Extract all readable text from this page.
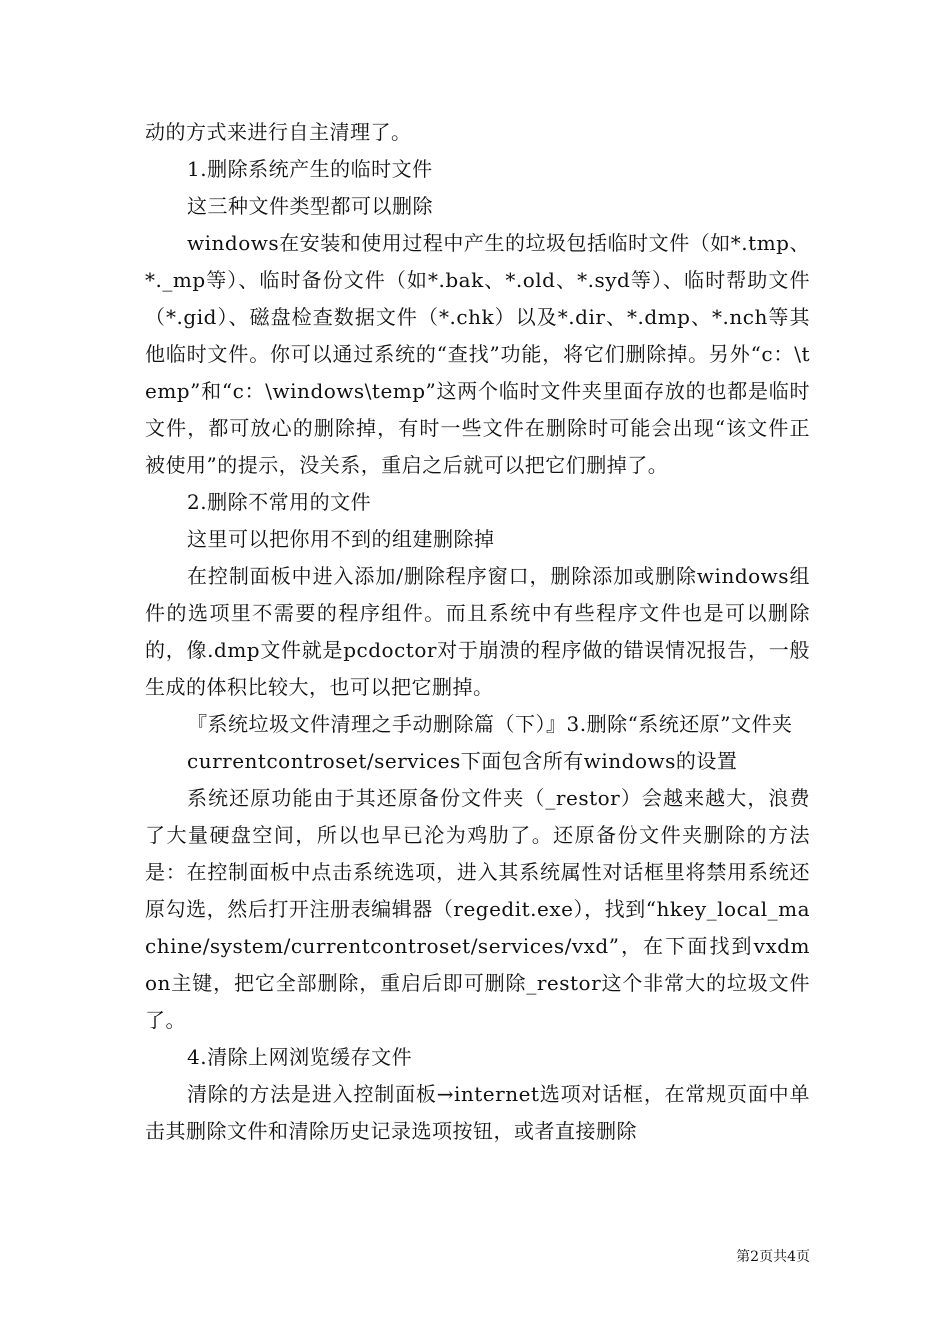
动的方式来进行自主清理了。

1.删除系统产生的临时文件

这三种文件类型都可以删除

windows在安装和使用过程中产生的垃圾包括临时文件（如*.tmp、*._mp等）、临时备份文件（如*.bak、*.old、*.syd等）、临时帮助文件（*.gid）、磁盘检查数据文件（*.chk）以及*.dir、*.dmp、*.nch等其他临时文件。你可以通过系统的“查找”功能，将它们删除掉。另外“c：\temp”和“c：\windows\temp”这两个临时文件夹里面存放的也都是临时文件，都可放心的删除掉，有时一些文件在删除时可能会出现“该文件正被使用”的提示，没关系，重启之后就可以把它们删掉了。

2.删除不常用的文件

这里可以把你用不到的组建删除掉

在控制面板中进入添加/删除程序窗口，删除添加或删除windows组件的选项里不需要的程序组件。而且系统中有些程序文件也是可以删除的，像.dmp文件就是pcdoctor对于崩溃的程序做的错误情况报告，一般生成的体积比较大，也可以把它删掉。

『系统垃圾文件清理之手动删除篇（下）』3.删除“系统还原”文件夹

currentcontroset/services下面包含所有windows的设置

系统还原功能由于其还原备份文件夹（_restor）会越来越大，浪费了大量硬盘空间，所以也早已沦为鸡肋了。还原备份文件夹删除的方法是：在控制面板中点击系统选项，进入其系统属性对话框里将禁用系统还原勾选，然后打开注册表编辑器（regedit.exe），找到“hkey_local_machine/system/currentcontroset/services/vxd”，在下面找到vxdmon主键，把它全部删除，重启后即可删除_restor这个非常大的垃圾文件了。

4.清除上网浏览缓存文件

清除的方法是进入控制面板→internet选项对话框，在常规页面中单击其删除文件和清除历史记录选项按钮，或者直接删除

第2页共4页
